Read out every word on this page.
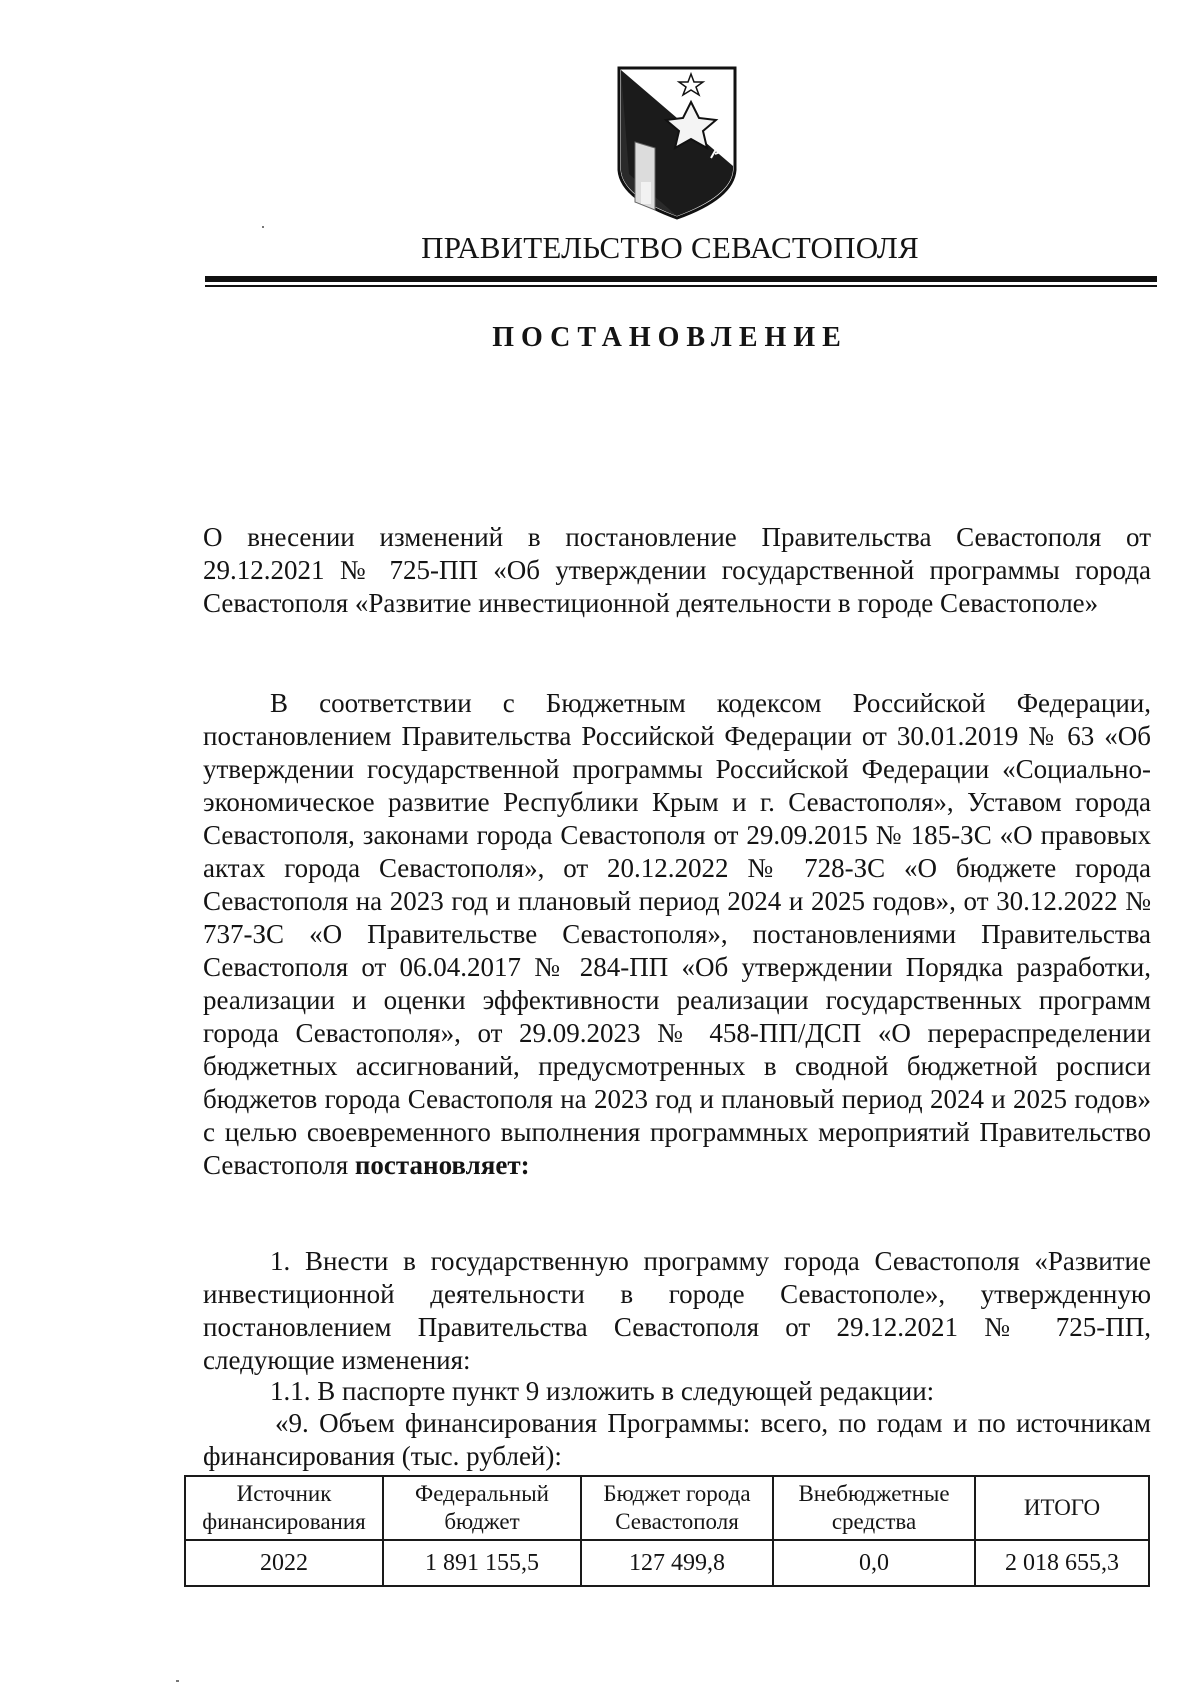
ПРАВИТЕЛЬСТВО СЕВАСТОПОЛЯ
ПОСТАНОВЛЕНИЕ
О внесении изменений в постановление Правительства Севастополя от 29.12.2021 № 725-ПП «Об утверждении государственной программы города Севастополя «Развитие инвестиционной деятельности в городе Севастополе»
В соответствии с Бюджетным кодексом Российской Федерации, постановлением Правительства Российской Федерации от 30.01.2019 № 63 «Об утверждении государственной программы Российской Федерации «Социально-экономическое развитие Республики Крым и г. Севастополя», Уставом города Севастополя, законами города Севастополя от 29.09.2015 № 185-ЗС «О правовых актах города Севастополя», от 20.12.2022 № 728-ЗС «О бюджете города Севастополя на 2023 год и плановый период 2024 и 2025 годов», от 30.12.2022 № 737-ЗС «О Правительстве Севастополя», постановлениями Правительства Севастополя от 06.04.2017 № 284-ПП «Об утверждении Порядка разработки, реализации и оценки эффективности реализации государственных программ города Севастополя», от 29.09.2023 № 458-ПП/ДСП «О перераспределении бюджетных ассигнований, предусмотренных в сводной бюджетной росписи бюджетов города Севастополя на 2023 год и плановый период 2024 и 2025 годов» с целью своевременного выполнения программных мероприятий Правительство Севастополя постановляет:
1. Внести в государственную программу города Севастополя «Развитие инвестиционной деятельности в городе Севастополе», утвержденную постановлением Правительства Севастополя от 29.12.2021 № 725-ПП, следующие изменения:
1.1. В паспорте пункт 9 изложить в следующей редакции:
«9. Объем финансирования Программы: всего, по годам и по источникам финансирования (тыс. рублей):
Источник финансирования	Федеральный бюджет	Бюджет города Севастополя	Внебюджетные средства	ИТОГО
2022	1 891 155,5	127 499,8	0,0	2 018 655,3
